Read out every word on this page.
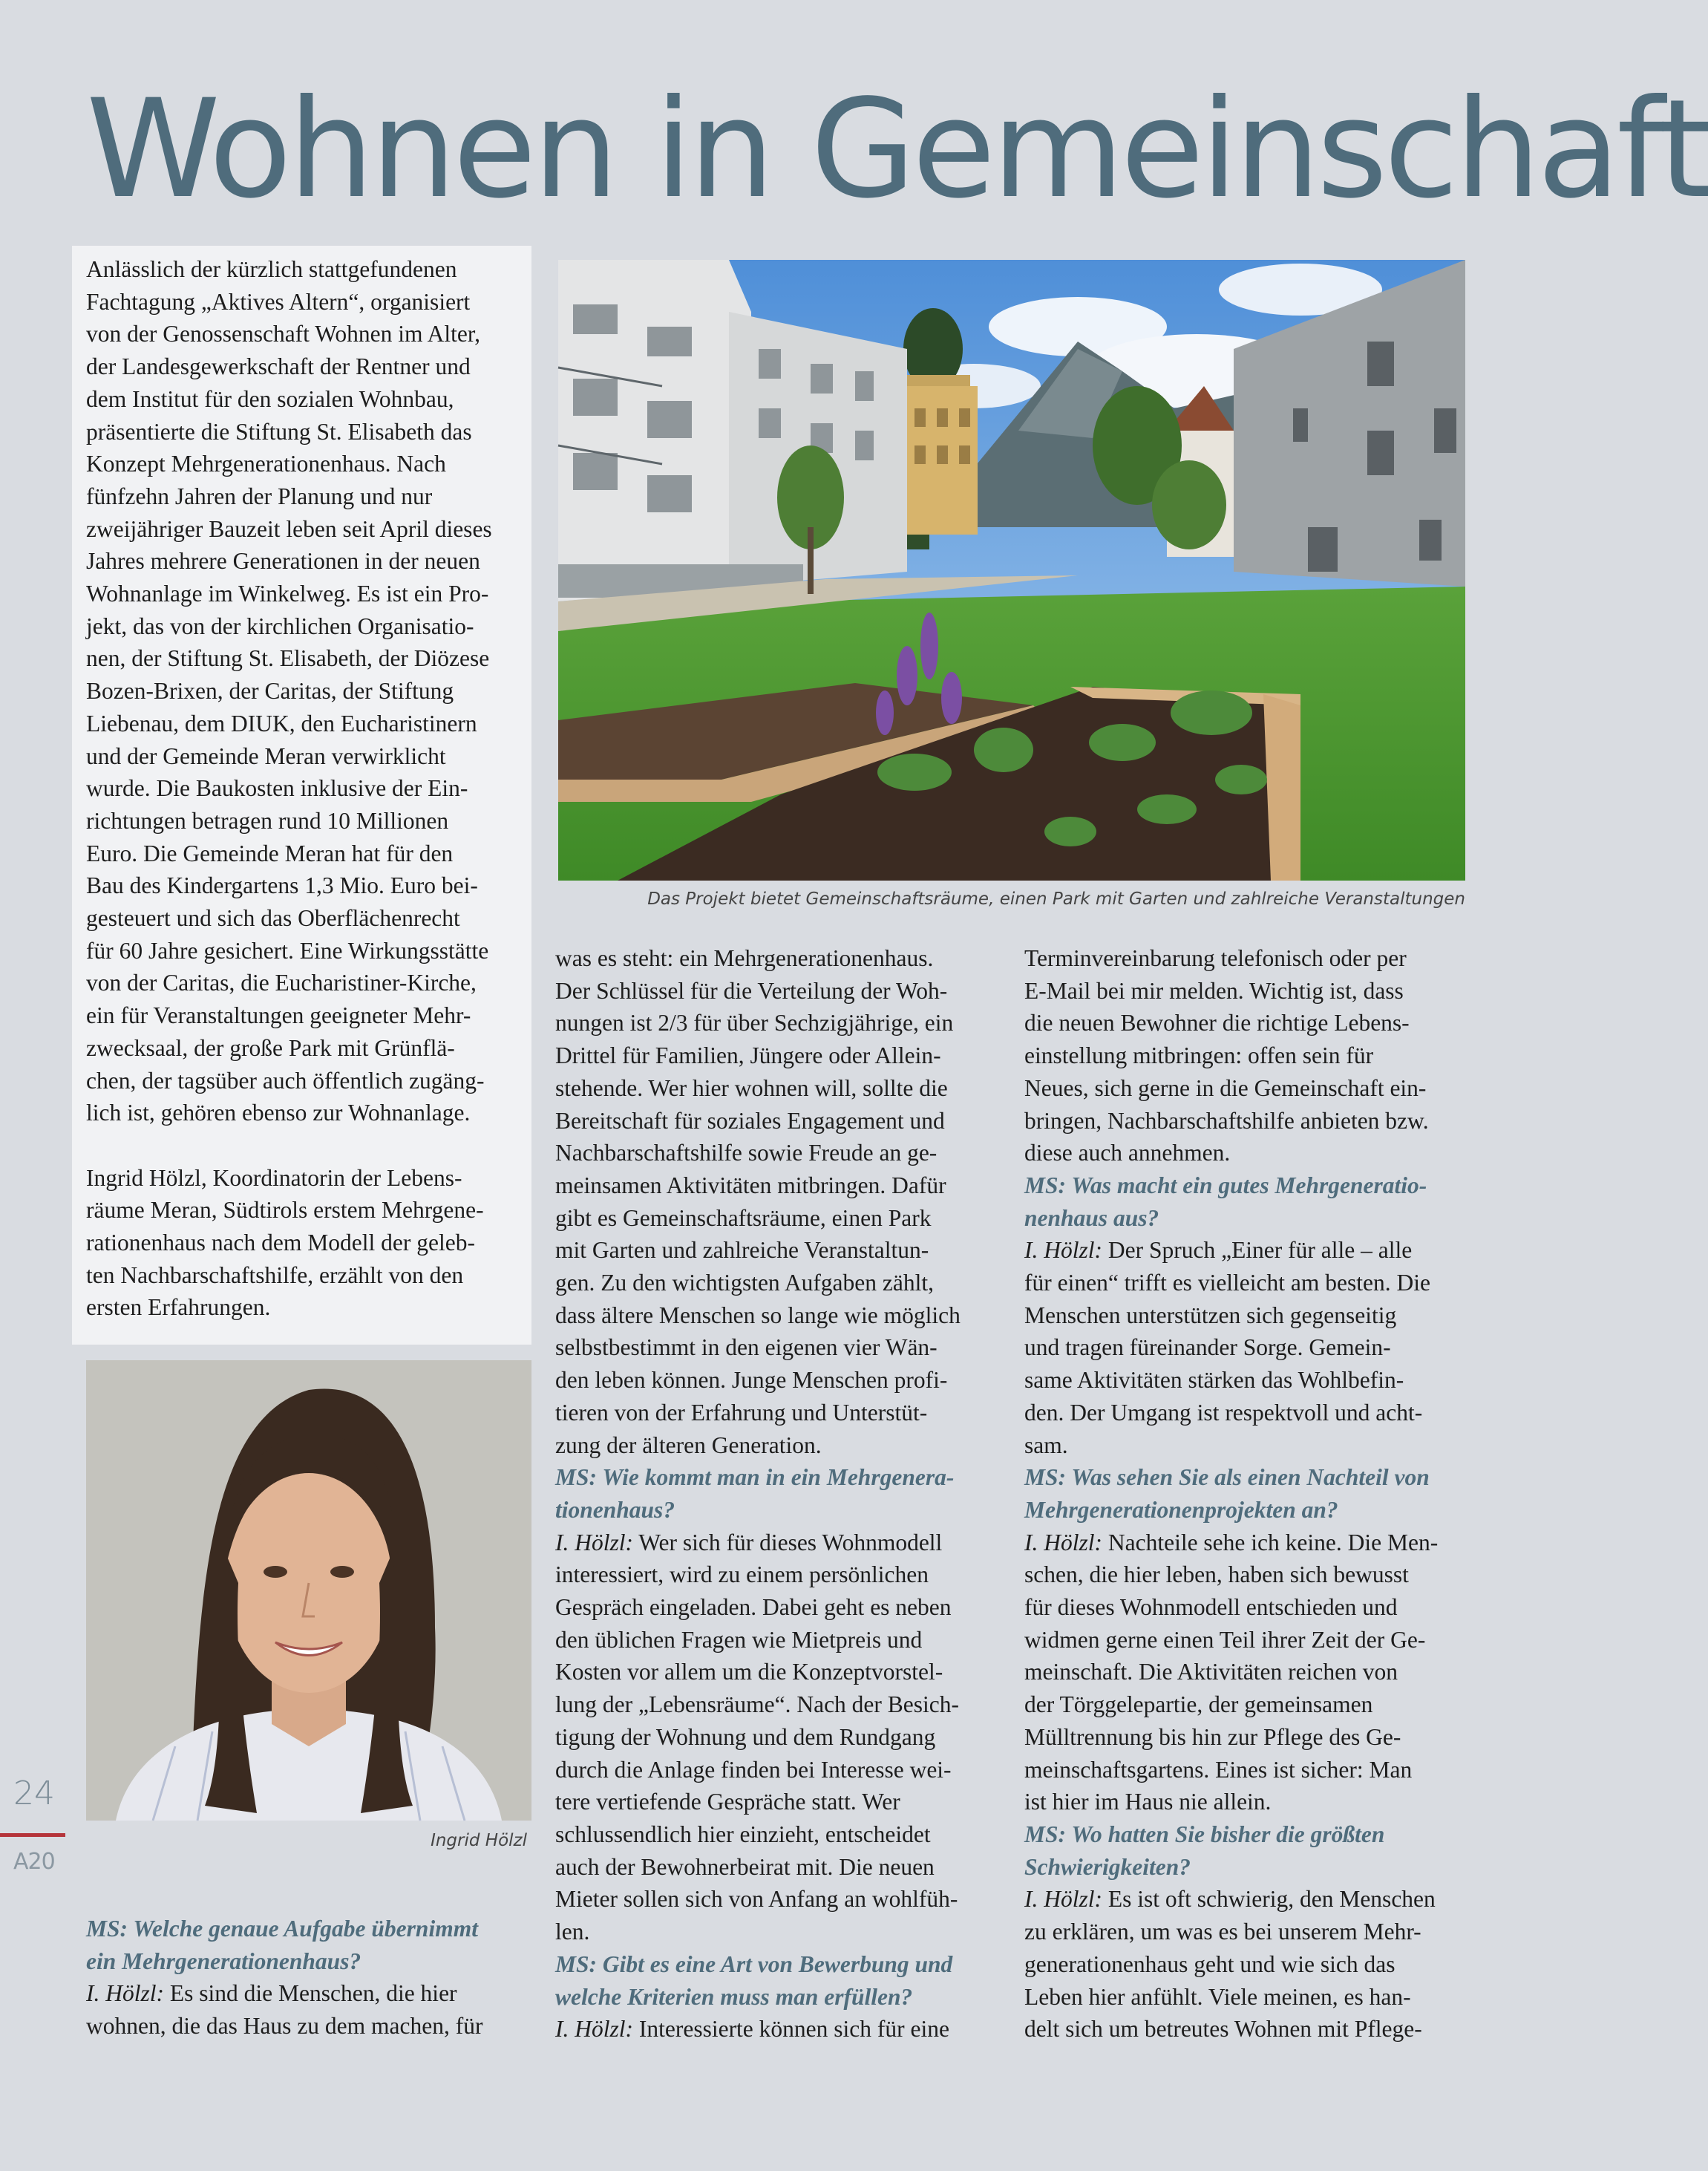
Wohnen in Gemeinschaft

Anlässlich der kürzlich stattgefundenen

Fachtagung „Aktives Altern“, organisiert

von der Genossenschaft Wohnen im Alter,

der Landesgewerkschaft der Rentner und

dem Institut für den sozialen Wohnbau,

präsentierte die Stiftung St. Elisabeth das

Konzept Mehrgenerationenhaus. Nach

fünfzehn Jahren der Planung und nur

zweijähriger Bauzeit leben seit April dieses

Jahres mehrere Generationen in der neuen

Wohnanlage im Winkelweg. Es ist ein Pro-

jekt, das von der kirchlichen Organisatio-

nen, der Stiftung St. Elisabeth, der Diözese

Bozen-Brixen, der Caritas, der Stiftung

Liebenau, dem DIUK, den Eucharistinern

und der Gemeinde Meran verwirklicht

wurde. Die Baukosten inklusive der Ein-

richtungen betragen rund 10 Millionen

Euro. Die Gemeinde Meran hat für den

Bau des Kindergartens 1,3 Mio. Euro bei-

gesteuert und sich das Oberflächenrecht

für 60 Jahre gesichert. Eine Wirkungsstätte

von der Caritas, die Eucharistiner-Kirche,

ein für Veranstaltungen geeigneter Mehr-

zwecksaal, der große Park mit Grünflä-

chen, der tagsüber auch öffentlich zugäng-

lich ist, gehören ebenso zur Wohnanlage.

Ingrid Hölzl, Koordinatorin der Lebens-

räume Meran, Südtirols erstem Mehrgene-

rationenhaus nach dem Modell der geleb-

ten Nachbarschaftshilfe, erzählt von den

ersten Erfahrungen.

MS: Welche genaue Aufgabe übernimmt

ein Mehrgenerationenhaus?

I. Hölzl: Es sind die Menschen, die hier

wohnen, die das Haus zu dem machen, für

was es steht: ein Mehrgenerationenhaus.

Der Schlüssel für die Verteilung der Woh-

nungen ist 2/3 für über Sechzigjährige, ein

Drittel für Familien, Jüngere oder Allein-

stehende. Wer hier wohnen will, sollte die

Bereitschaft für soziales Engagement und

Nachbarschaftshilfe sowie Freude an ge-

meinsamen Aktivitäten mitbringen. Dafür

gibt es Gemeinschaftsräume, einen Park

mit Garten und zahlreiche Veranstaltun-

gen. Zu den wichtigsten Aufgaben zählt,

dass ältere Menschen so lange wie möglich

selbstbestimmt in den eigenen vier Wän-

den leben können. Junge Menschen profi-

tieren von der Erfahrung und Unterstüt-

zung der älteren Generation.

MS: Wie kommt man in ein Mehrgenera-

tionenhaus?

I. Hölzl: Wer sich für dieses Wohnmodell

interessiert, wird zu einem persönlichen

Gespräch eingeladen. Dabei geht es neben

den üblichen Fragen wie Mietpreis und

Kosten vor allem um die Konzeptvorstel-

lung der „Lebensräume“. Nach der Besich-

tigung der Wohnung und dem Rundgang

durch die Anlage finden bei Interesse wei-

tere vertiefende Gespräche statt. Wer

schlussendlich hier einzieht, entscheidet

auch der Bewohnerbeirat mit. Die neuen

Mieter sollen sich von Anfang an wohlfüh-

len.

MS: Gibt es eine Art von Bewerbung und

welche Kriterien muss man erfüllen?

I. Hölzl: Interessierte können sich für eine

Terminvereinbarung telefonisch oder per

E-Mail bei mir melden. Wichtig ist, dass

die neuen Bewohner die richtige Lebens-

einstellung mitbringen: offen sein für

Neues, sich gerne in die Gemeinschaft ein-

bringen, Nachbarschaftshilfe anbieten bzw.

diese auch annehmen.

MS: Was macht ein gutes Mehrgeneratio-

nenhaus aus?

I. Hölzl: Der Spruch „Einer für alle – alle

für einen“ trifft es vielleicht am besten. Die

Menschen unterstützen sich gegenseitig

und tragen füreinander Sorge. Gemein-

same Aktivitäten stärken das Wohlbefin-

den. Der Umgang ist respektvoll und acht-

sam.

MS: Was sehen Sie als einen Nachteil von

Mehrgenerationenprojekten an?

I. Hölzl: Nachteile sehe ich keine. Die Men-

schen, die hier leben, haben sich bewusst

für dieses Wohnmodell entschieden und

widmen gerne einen Teil ihrer Zeit der Ge-

meinschaft. Die Aktivitäten reichen von

der Törggelepartie, der gemeinsamen

Mülltrennung bis hin zur Pflege des Ge-

meinschaftsgartens. Eines ist sicher: Man

ist hier im Haus nie allein.

MS: Wo hatten Sie bisher die größten

Schwierigkeiten?

I. Hölzl: Es ist oft schwierig, den Menschen

zu erklären, um was es bei unserem Mehr-

generationenhaus geht und wie sich das

Leben hier anfühlt. Viele meinen, es han-

delt sich um betreutes Wohnen mit Pflege-

Das Projekt bietet Gemeinschaftsräume, einen Park mit Garten und zahlreiche Veranstaltungen
Ingrid Hölzl
24
A20
